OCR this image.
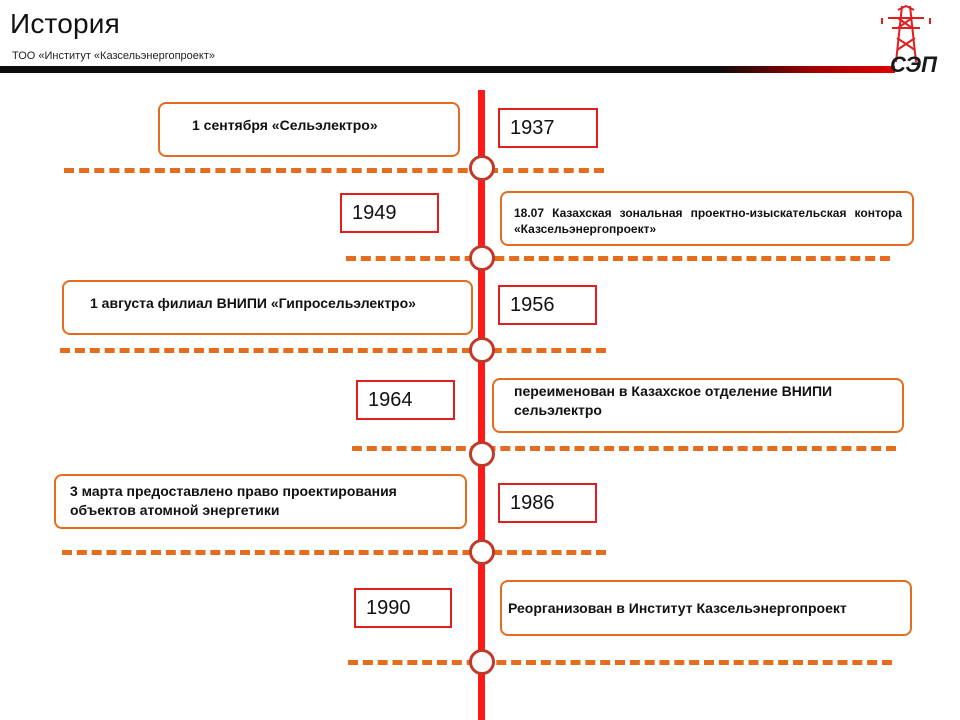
История
ТОО «Институт «Казсельэнергопроект»	СЭП
1 сентября «Сельэлектро»	1937
1949	18.07 Казахская зональная проектно-изыскательская контора «Казсельэнергопроект»
1 августа филиал ВНИПИ «Гипросельэлектро»	1956
1964	переименован в Казахское отделение ВНИПИ сельэлектро
3 марта предоставлено право проектирования объектов атомной энергетики	1986
1990	Реорганизован в Институт Казсельэнергопроект
